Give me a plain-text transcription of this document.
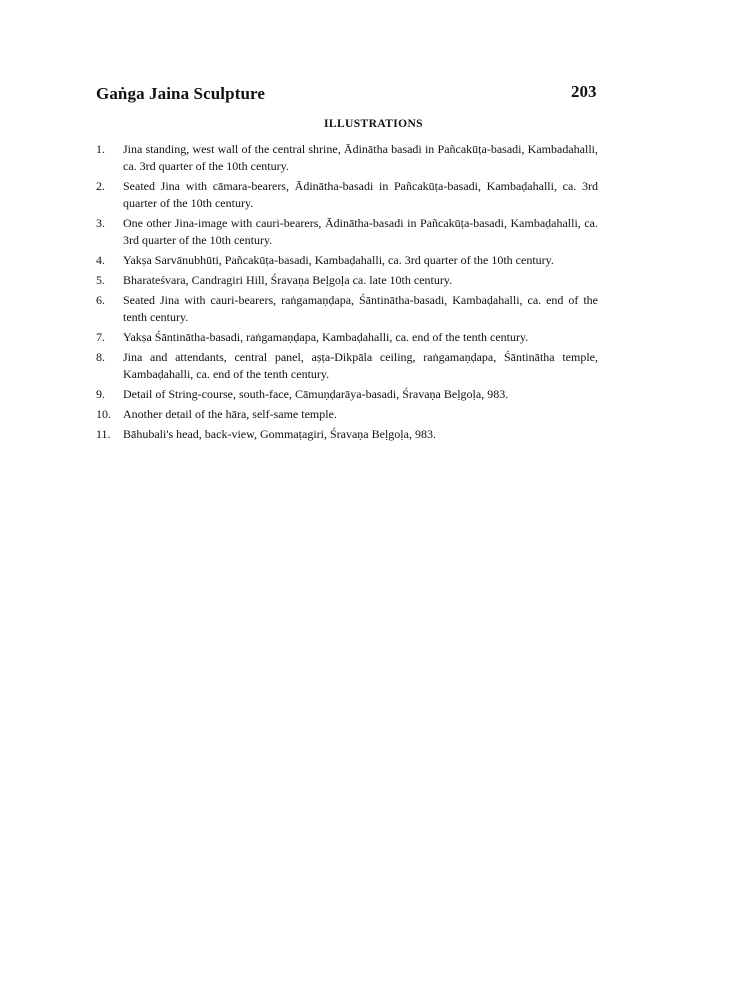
Gaṅga Jaina Sculpture	203
ILLUSTRATIONS
1.	Jina standing, west wall of the central shrine, Ādinātha basadi in Pañcakūṭa-basadi, Kambadahalli, ca. 3rd quarter of the 10th century.
2.	Seated Jina with cāmara-bearers, Ādinātha-basadi in Pañcakūṭa-basadi, Kambaḍahalli, ca. 3rd quarter of the 10th century.
3.	One other Jina-image with cauri-bearers, Ādinātha-basadi in Pañcakūṭa-basadi, Kambaḍahalli, ca. 3rd quarter of the 10th century.
4.	Yakṣa Sarvānubhūti, Pañcakūṭa-basadi, Kambaḍahalli, ca. 3rd quarter of the 10th century.
5.	Bharateśvara, Candragiri Hill, Śravaṇa Beḷgoḷa ca. late 10th century.
6.	Seated Jina with cauri-bearers, raṅgamaṇḍapa, Śāntinātha-basadi, Kambaḍahalli, ca. end of the tenth century.
7.	Yakṣa Śāntinātha-basadi, raṅgamaṇḍapa, Kambaḍahalli, ca. end of the tenth century.
8.	Jina and attendants, central panel, aṣṭa-Dikpāla ceiling, raṅgamaṇḍapa, Śāntinātha temple, Kambaḍahalli, ca. end of the tenth century.
9.	Detail of String-course, south-face, Cāmuṇḍarāya-basadi, Śravaṇa Beḷgoḷa, 983.
10. Another detail of the hāra, self-same temple.
11. Bāhubali's head, back-view, Gommaṭagiri, Śravaṇa Beḷgoḷa, 983.
